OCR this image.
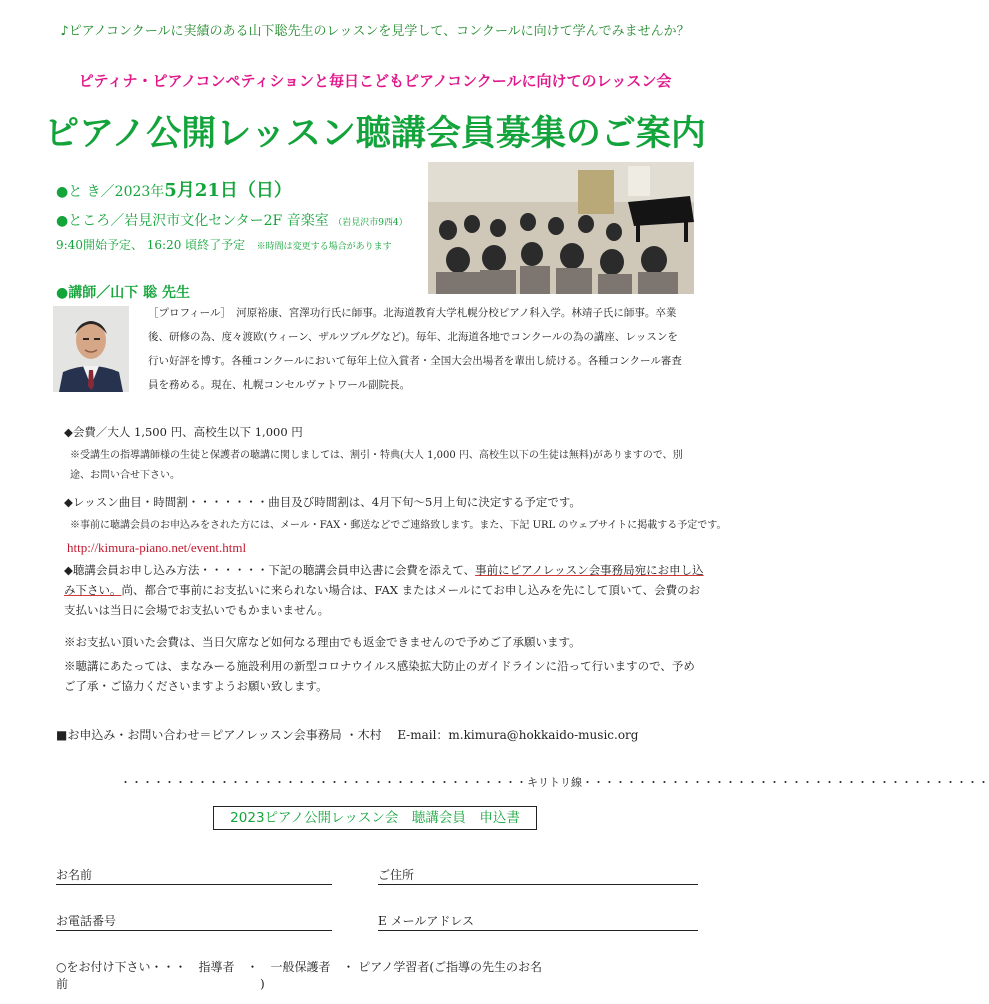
♪ピアノコンクールに実績のある山下聡先生のレッスンを見学して、コンクールに向けて学んでみませんか？
ピティナ・ピアノコンペティションと毎日こどもピアノコンクールに向けてのレッスン会
ピアノ公開レッスン聴講会員募集のご案内
●と き／2023年5月21日（日）
●ところ／岩見沢市文化センター2F 音楽室 （岩見沢市9西4）
9:40開始予定、 16:20 頃終了予定 ※時間は変更する場合があります
●講師／山下 聡 先生
［プロフィール］　河原裕康、宮澤功行氏に師事。北海道教育大学札幌分校ピアノ科入学。林靖子氏に師事。卒業後、研修の為、度々渡欧(ウィーン、ザルツブルグなど)。毎年、北海道各地でコンクールの為の講座、レッスンを行い好評を博す。各種コンクールにおいて毎年上位入賞者・全国大会出場者を輩出し続ける。各種コンクール審査員を務める。現在、札幌コンセルヴァトワール副院長。
◆会費／大人 1,500 円、高校生以下 1,000 円
※受講生の指導講師様の生徒と保護者の聴講に関しましては、割引・特典(大人 1,000 円、高校生以下の生徒は無料)がありますので、別途、お問い合せ下さい。
◆レッスン曲目・時間割・・・・・・・曲目及び時間割は、4月下旬〜5月上旬に決定する予定です。
※事前に聴講会員のお申込みをされた方には、メール・FAX・郵送などでご連絡致します。また、下記 URL のウェブサイトに掲載する予定です。
http://kimura-piano.net/event.html
◆聴講会員お申し込み方法・・・・・・下記の聴講会員申込書に会費を添えて、事前にピアノレッスン会事務局宛にお申し込み下さい。尚、都合で事前にお支払いに来られない場合は、FAX またはメールにてお申し込みを先にして頂いて、会費のお支払いは当日に会場でお支払いでもかまいません。
※お支払い頂いた会費は、当日欠席など如何なる理由でも返金できませんので予めご了承願います。
※聴講にあたっては、まなみーる施設利用の新型コロナウイルス感染拡大防止のガイドラインに沿って行いますので、予めご了承・ご協力くださいますようお願い致します。
■お申込み・お問い合わせ＝ピアノレッスン会事務局 ・木村　 E‐mail：m.kimura@hokkaido‐music.org
・・・・・・・・・・・・・・・・・・・・・・・・・・・・・・・・・・・・・キリトリ線・・・・・・・・・・・・・・・・・・・・・・・・・・・・・・・・・・・・・
2023ピアノ公開レッスン会　聴講会員　申込書
お名前	ご住所
お電話番号	E メールアドレス
○をお付け下さい・・・　指導者　・　一般保護者　・ ピアノ学習者(ご指導の先生のお名前　　　　　　　　　　　　　　　　)
